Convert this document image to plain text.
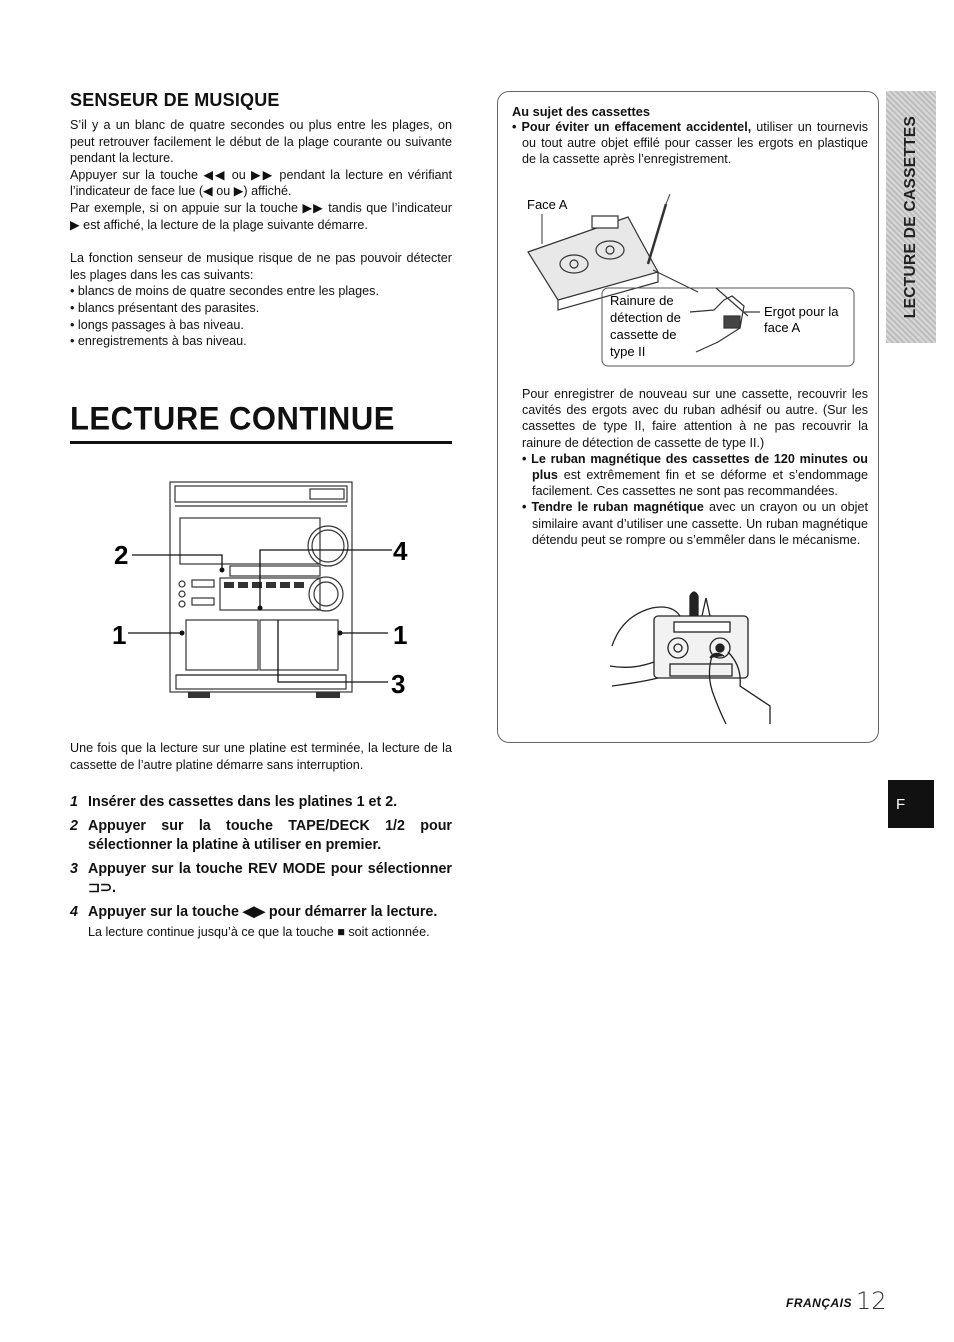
SENSEUR DE MUSIQUE

S’il y a un blanc de quatre secondes ou plus entre les plages, on peut retrouver facilement le début de la plage courante ou suivante pendant la lecture.

Appuyer sur la touche ◀◀ ou ▶▶ pendant la lecture en vérifiant l’indicateur de face lue (◀ ou ▶) affiché.

Par exemple, si on appuie sur la touche ▶▶ tandis que l’indicateur ▶ est affiché, la lecture de la plage suivante démarre.

La fonction senseur de musique risque de ne pas pouvoir détecter les plages dans les cas suivants:

• blancs de moins de quatre secondes entre les plages.
• blancs présentant des parasites.
• longs passages à bas niveau.
• enregistrements à bas niveau.
LECTURE CONTINUE
2	4
1	1
3

Une fois que la lecture sur une platine est terminée, la lecture de la cassette de l’autre platine démarre sans interruption.

1 Insérer des cassettes dans les platines 1 et 2.
2 Appuyer sur la touche TAPE/DECK 1/2 pour sélectionner la platine à utiliser en premier.
3 Appuyer sur la touche REV MODE pour sélectionner ⊐⊃.
4 Appuyer sur la touche ◀▶ pour démarrer la lecture.

La lecture continue jusqu’à ce que la touche ■ soit actionnée.

Au sujet des cassettes

• Pour éviter un effacement accidentel, utiliser un tournevis ou tout autre objet effilé pour casser les ergots en plastique de la cassette après l’enregistrement.

Face A
Rainure de
détection de
cassette de
type II
Ergot pour la
face A

Pour enregistrer de nouveau sur une cassette, recouvrir les cavités des ergots avec du ruban adhésif ou autre. (Sur les cassettes de type II, faire attention à ne pas recouvrir la rainure de détection de cassette de type II.)

• Le ruban magnétique des cassettes de 120 minutes ou plus est extrêmement fin et se déforme et s’endommage facilement. Ces cassettes ne sont pas recommandées.

• Tendre le ruban magnétique avec un crayon ou un objet similaire avant d’utiliser une cassette. Un ruban magnétique détendu peut se rompre ou s’emmêler dans le mécanisme.

LECTURE DE CASSETTES
F
FRANÇAIS 12
